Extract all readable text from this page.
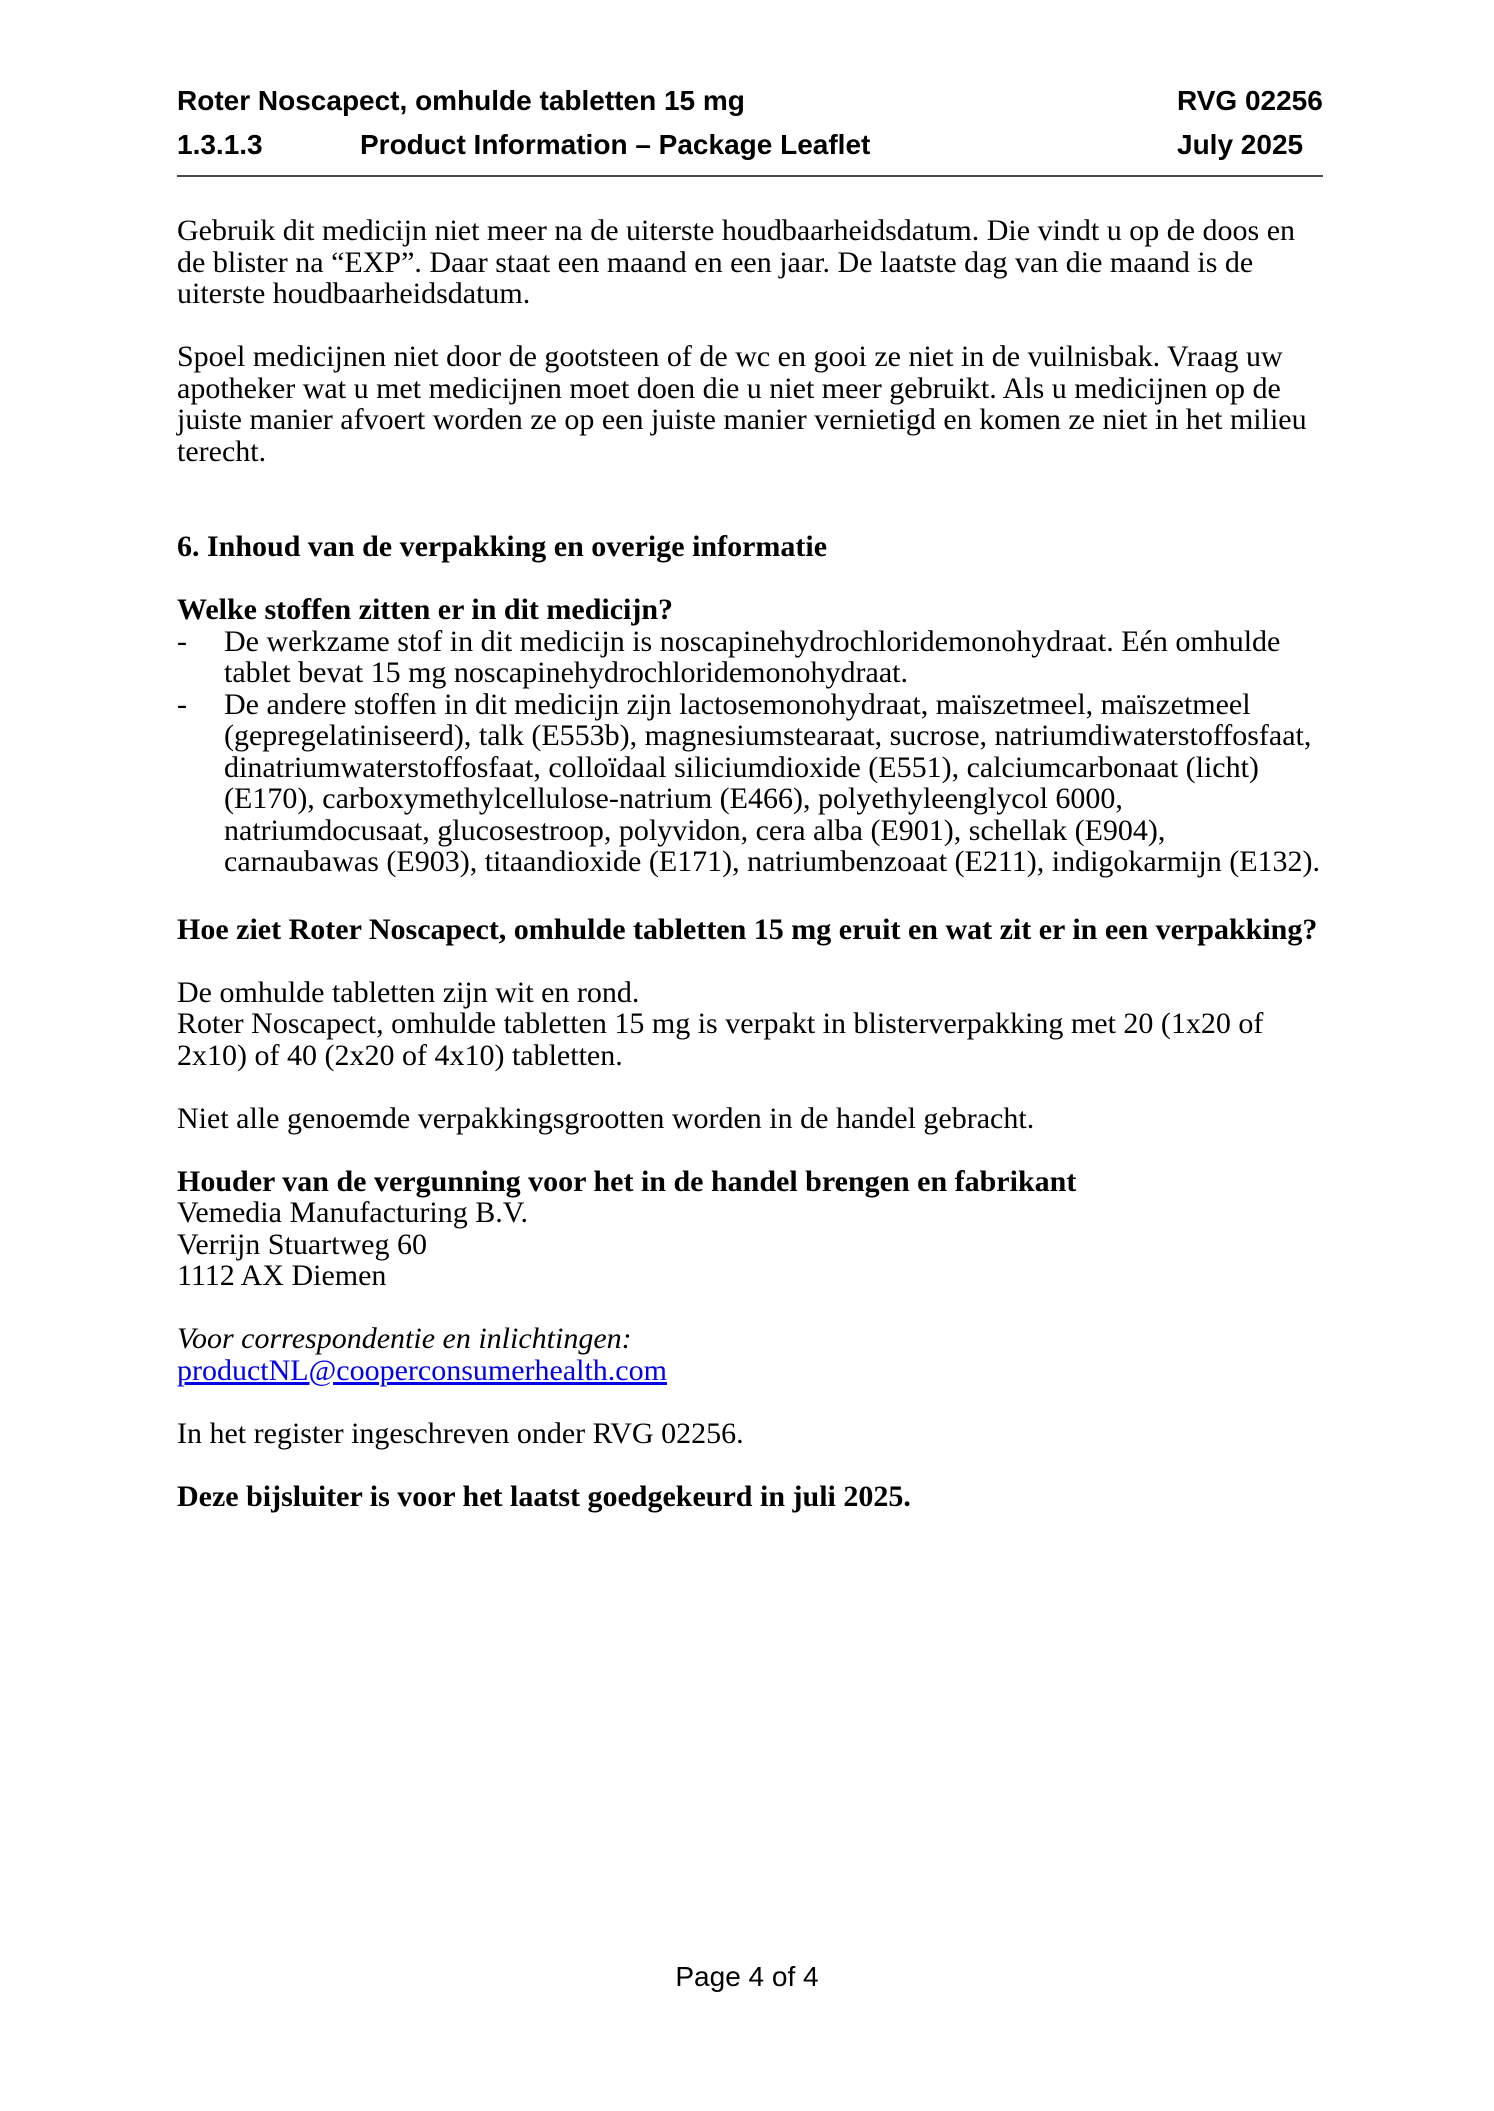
Roter Noscapect, omhulde tabletten 15 mg	RVG 02256
1.3.1.3	Product Information – Package Leaflet	July 2025

Gebruik dit medicijn niet meer na de uiterste houdbaarheidsdatum. Die vindt u op de doos en de blister na “EXP”. Daar staat een maand en een jaar. De laatste dag van die maand is de uiterste houdbaarheidsdatum.

Spoel medicijnen niet door de gootsteen of de wc en gooi ze niet in de vuilnisbak. Vraag uw apotheker wat u met medicijnen moet doen die u niet meer gebruikt. Als u medicijnen op de juiste manier afvoert worden ze op een juiste manier vernietigd en komen ze niet in het milieu terecht.

6. Inhoud van de verpakking en overige informatie

Welke stoffen zitten er in dit medicijn?

-	De werkzame stof in dit medicijn is noscapinehydrochloridemonohydraat. Eén omhulde tablet bevat 15 mg noscapinehydrochloridemonohydraat.
-	De andere stoffen in dit medicijn zijn lactosemonohydraat, maïszetmeel, maïszetmeel (gepregelatiniseerd), talk (E553b), magnesiumstearaat, sucrose, natriumdiwaterstoffosfaat, dinatriumwaterstoffosfaat, colloïdaal siliciumdioxide (E551), calciumcarbonaat (licht) (E170), carboxymethylcellulose-natrium (E466), polyethyleenglycol 6000, natriumdocusaat, glucosestroop, polyvidon, cera alba (E901), schellak (E904), carnaubawas (E903), titaandioxide (E171), natriumbenzoaat (E211), indigokarmijn (E132).

Hoe ziet Roter Noscapect, omhulde tabletten 15 mg eruit en wat zit er in een verpakking?

De omhulde tabletten zijn wit en rond.

Roter Noscapect, omhulde tabletten 15 mg is verpakt in blisterverpakking met 20 (1x20 of 2x10) of 40 (2x20 of 4x10) tabletten.

Niet alle genoemde verpakkingsgrootten worden in de handel gebracht.

Houder van de vergunning voor het in de handel brengen en fabrikant

Vemedia Manufacturing B.V.

Verrijn Stuartweg 60

1112 AX Diemen

Voor correspondentie en inlichtingen:

productNL@cooperconsumerhealth.com

In het register ingeschreven onder RVG 02256.

Deze bijsluiter is voor het laatst goedgekeurd in juli 2025.

Page 4 of 4
